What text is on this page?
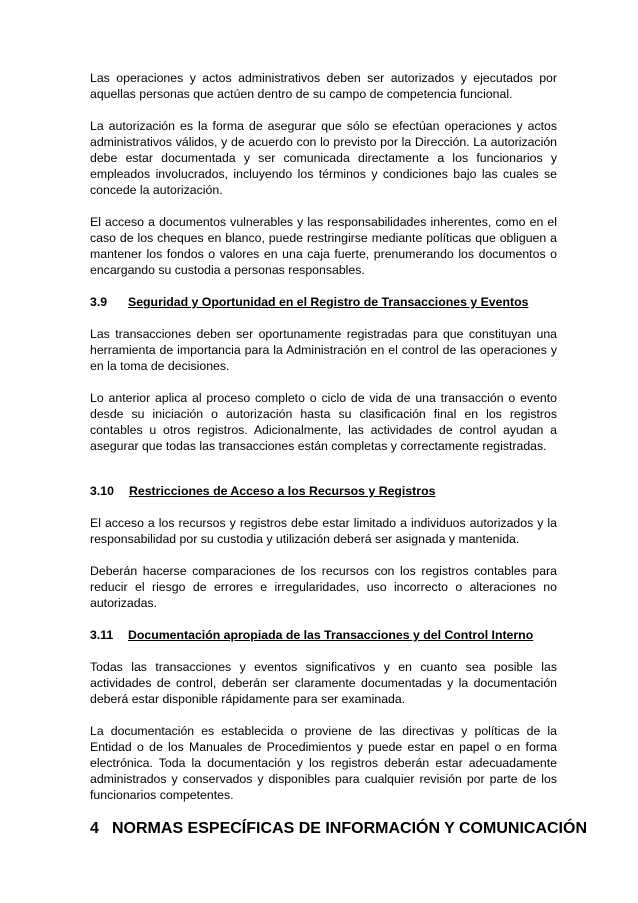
Las operaciones y actos administrativos deben ser autorizados y ejecutados por aquellas personas que actúen dentro de su campo de competencia funcional.

La autorización es la forma de asegurar que sólo se efectúan operaciones y actos administrativos válidos, y de acuerdo con lo previsto por la Dirección. La autorización debe estar documentada y ser comunicada directamente a los funcionarios y empleados involucrados, incluyendo los términos y condiciones bajo las cuales se concede la autorización.

El acceso a documentos vulnerables y las responsabilidades inherentes, como en el caso de los cheques en blanco, puede restringirse mediante políticas que obliguen a mantener los fondos o valores en una caja fuerte, prenumerando los documentos o encargando su custodia a personas responsables.

3.9 Seguridad y Oportunidad en el Registro de Transacciones y Eventos

Las transacciones deben ser oportunamente registradas para que constituyan una herramienta de importancia para la Administración en el control de las operaciones y en la toma de decisiones.

Lo anterior aplica al proceso completo o ciclo de vida de una transacción o evento desde su iniciación o autorización hasta su clasificación final en los registros contables u otros registros. Adicionalmente, las actividades de control ayudan a asegurar que todas las transacciones están completas y correctamente registradas.

3.10 Restricciones de Acceso a los Recursos y Registros

El acceso a los recursos y registros debe estar limitado a individuos autorizados y la responsabilidad por su custodia y utilización deberá ser asignada y mantenida.

Deberán hacerse comparaciones de los recursos con los registros contables para reducir el riesgo de errores e irregularidades, uso incorrecto o alteraciones no autorizadas.

3.11 Documentación apropiada de las Transacciones y del Control Interno

Todas las transacciones y eventos significativos y en cuanto sea posible las actividades de control, deberán ser claramente documentadas y la documentación deberá estar disponible rápidamente para ser examinada.

La documentación es establecida o proviene de las directivas y políticas de la Entidad o de los Manuales de Procedimientos y puede estar en papel o en forma electrónica. Toda la documentación y los registros deberán estar adecuadamente administrados y conservados y disponibles para cualquier revisión por parte de los funcionarios competentes.

4 NORMAS ESPECÍFICAS DE INFORMACIÓN Y COMUNICACIÓN
